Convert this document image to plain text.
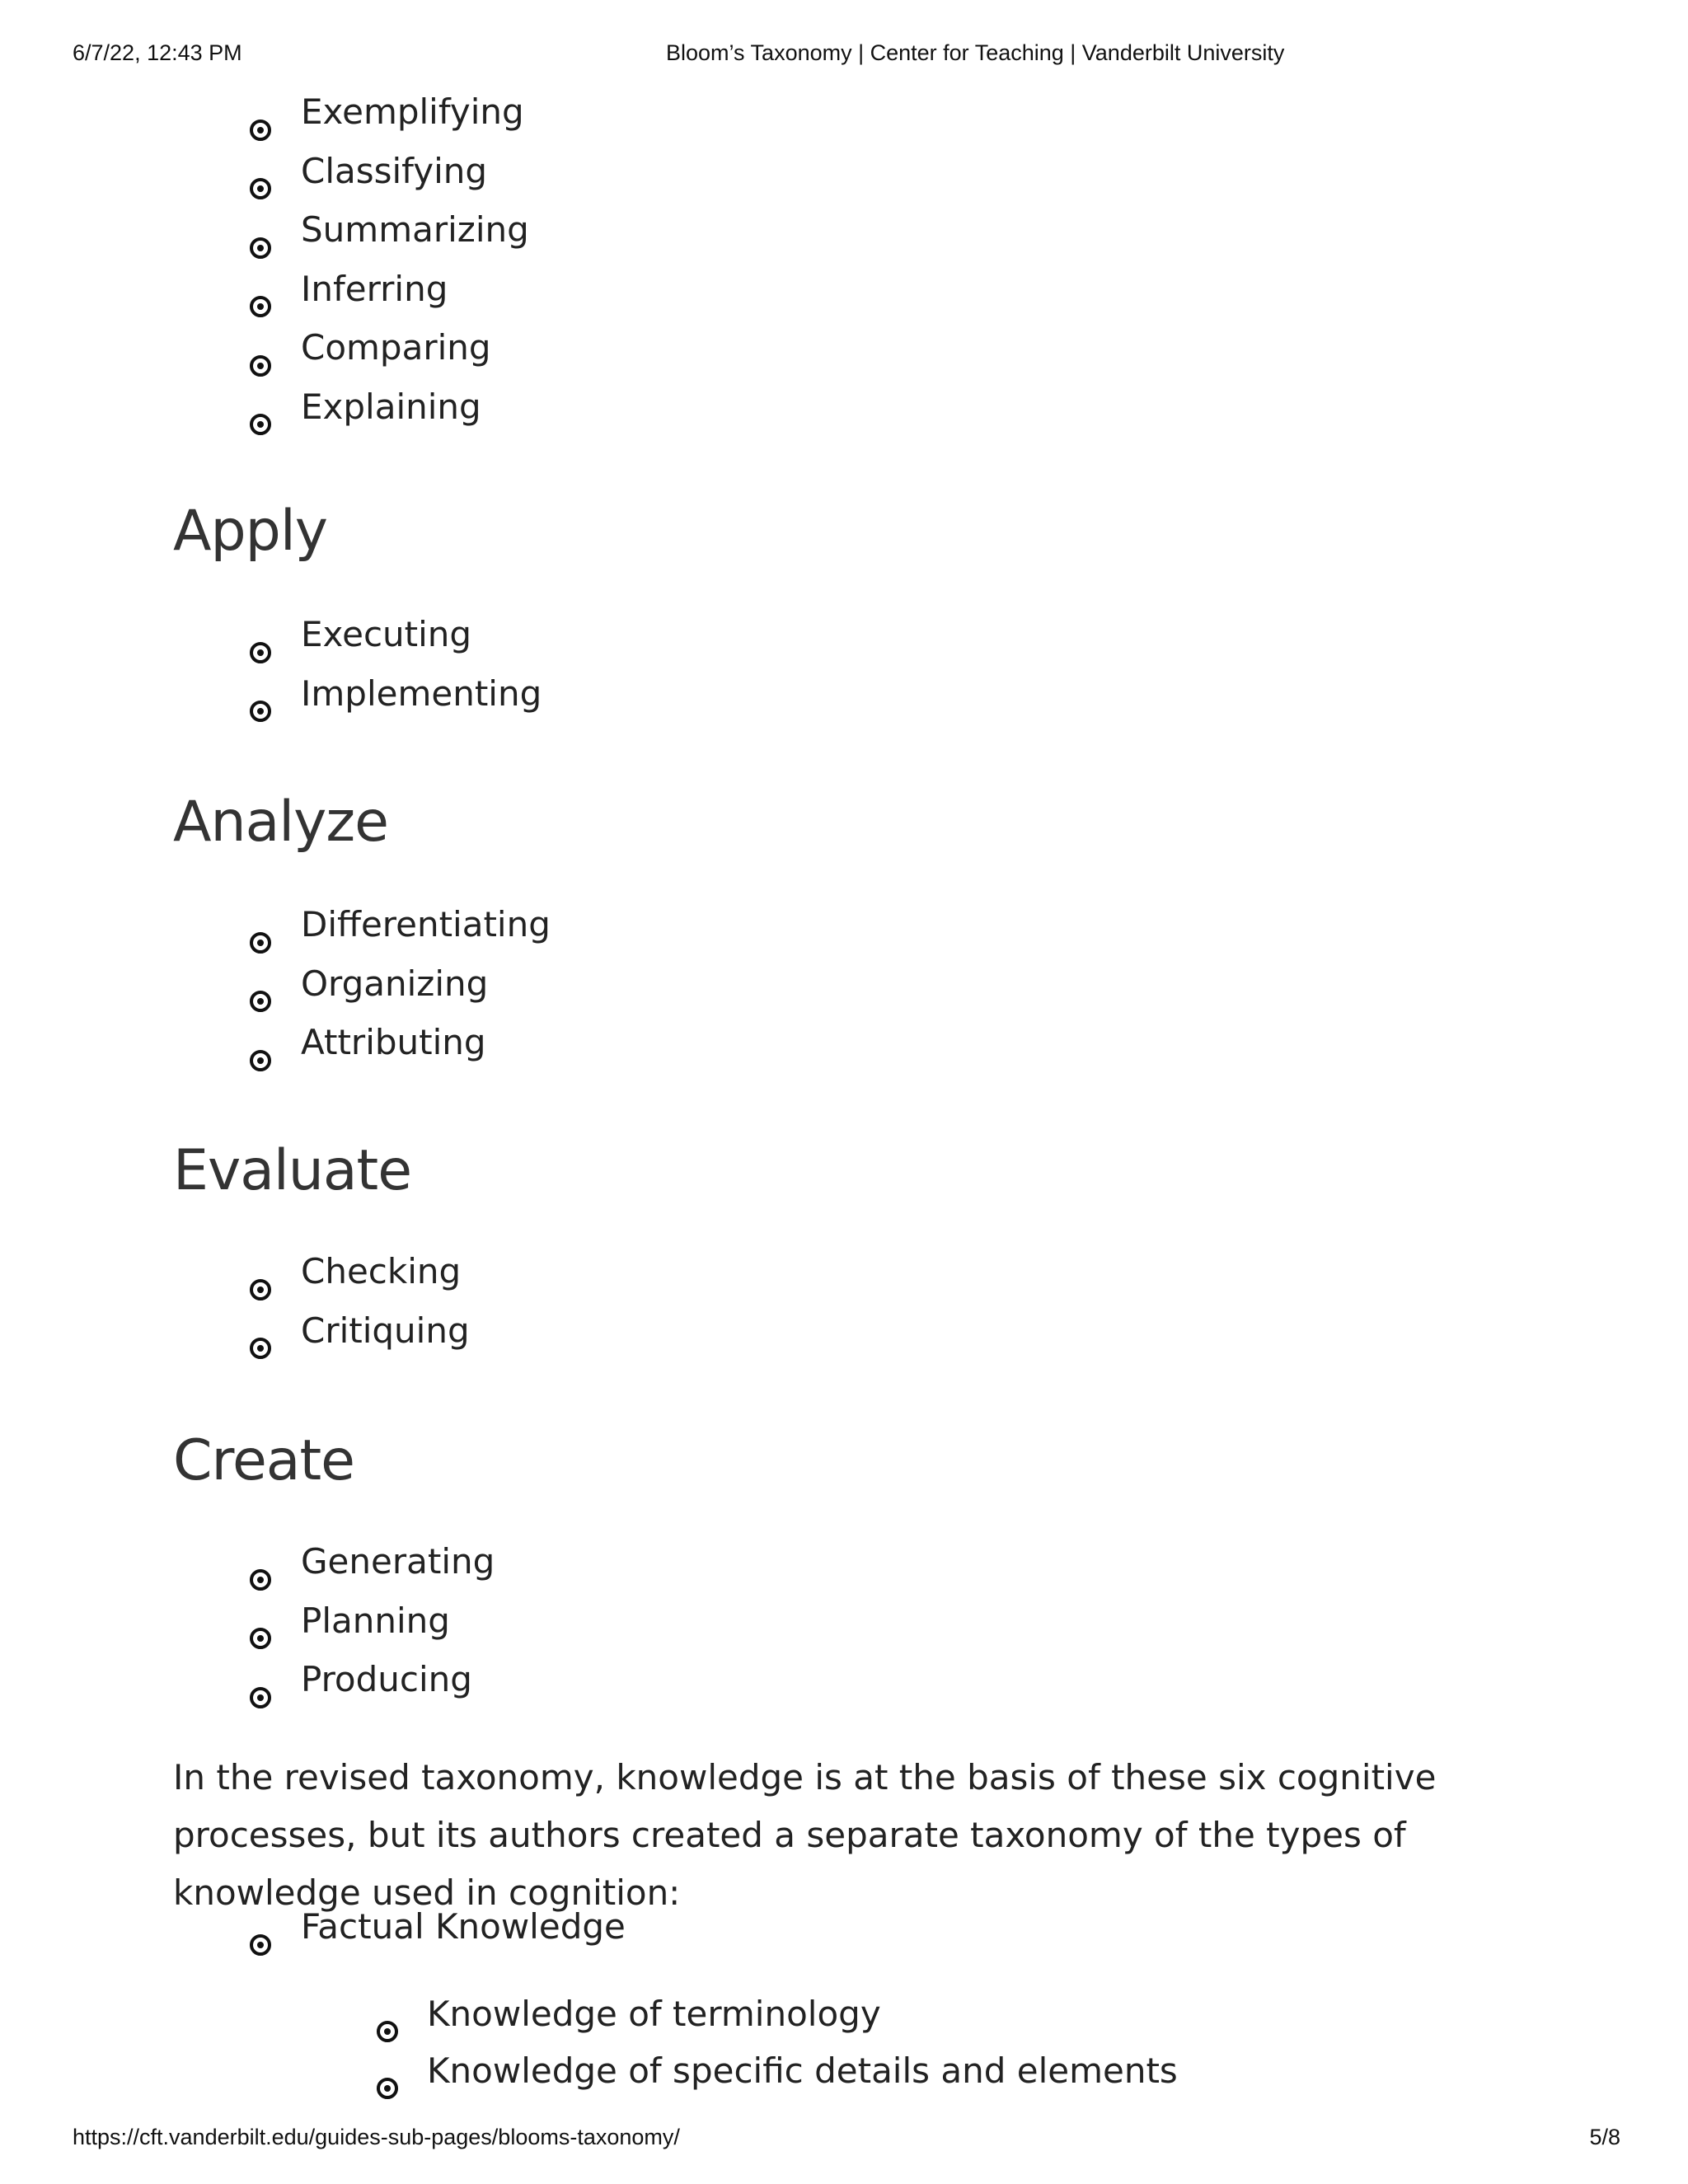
6/7/22, 12:43 PM	Bloom’s Taxonomy | Center for Teaching | Vanderbilt University
Exemplifying
Classifying
Summarizing
Inferring
Comparing
Explaining
Apply
Executing
Implementing
Analyze
Differentiating
Organizing
Attributing
Evaluate
Checking
Critiquing
Create
Generating
Planning
Producing

In the revised taxonomy, knowledge is at the basis of these six cognitive processes, but its authors created a separate taxonomy of the types of knowledge used in cognition:

Factual Knowledge
Knowledge of terminology
Knowledge of specific details and elements
https://cft.vanderbilt.edu/guides-sub-pages/blooms-taxonomy/	5/8
